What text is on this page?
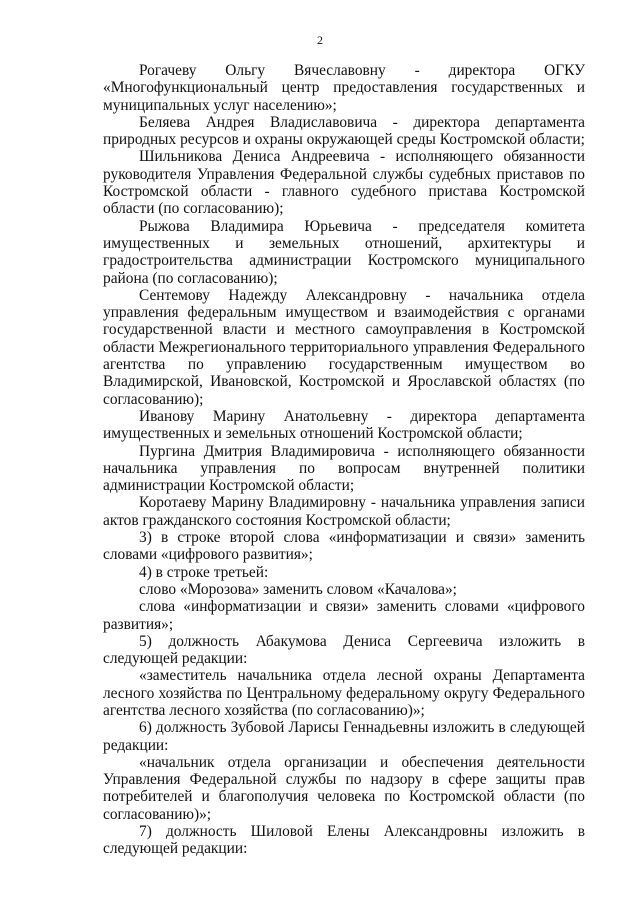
2

Рогачеву Ольгу Вячеславовну - директора ОГКУ «Многофункциональный центр предоставления государственных и муниципальных услуг населению»;

Беляева Андрея Владиславовича - директора департамента природных ресурсов и охраны окружающей среды Костромской области;

Шильникова Дениса Андреевича - исполняющего обязанности руководителя Управления Федеральной службы судебных приставов по Костромской области - главного судебного пристава Костромской области (по согласованию);

Рыжова Владимира Юрьевича - председателя комитета имущественных и земельных отношений, архитектуры и градостроительства администрации Костромского муниципального района (по согласованию);

Сентемову Надежду Александровну - начальника отдела управления федеральным имуществом и взаимодействия с органами государственной власти и местного самоуправления в Костромской области Межрегионального территориального управления Федерального агентства по управлению государственным имуществом во Владимирской, Ивановской, Костромской и Ярославской областях (по согласованию);

Иванову Марину Анатольевну - директора департамента имущественных и земельных отношений Костромской области;

Пургина Дмитрия Владимировича - исполняющего обязанности начальника управления по вопросам внутренней политики администрации Костромской области;

Коротаеву Марину Владимировну - начальника управления записи актов гражданского состояния Костромской области;

3) в строке второй слова «информатизации и связи» заменить словами «цифрового развития»;

4) в строке третьей:

слово «Морозова» заменить словом «Качалова»;

слова «информатизации и связи» заменить словами «цифрового развития»;

5) должность Абакумова Дениса Сергеевича изложить в следующей редакции:

«заместитель начальника отдела лесной охраны Департамента лесного хозяйства по Центральному федеральному округу Федерального агентства лесного хозяйства (по согласованию)»;

6) должность Зубовой Ларисы Геннадьевны изложить в следующей редакции:

«начальник отдела организации и обеспечения деятельности Управления Федеральной службы по надзору в сфере защиты прав потребителей и благополучия человека по Костромской области (по согласованию)»;

7) должность Шиловой Елены Александровны изложить в следующей редакции:
